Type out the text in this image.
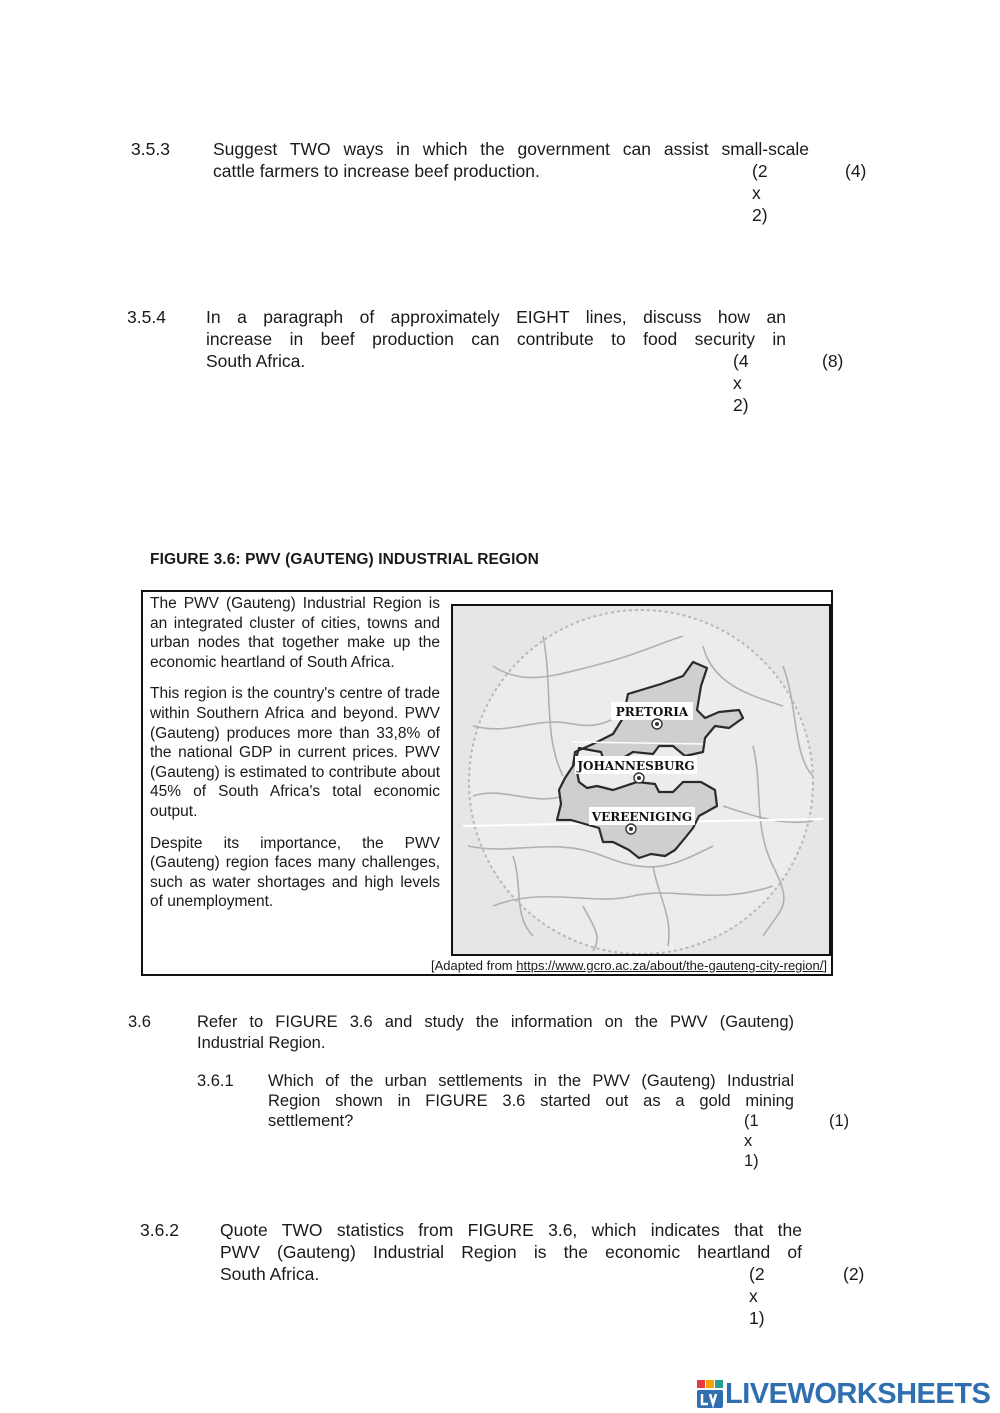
3.5.3 Suggest TWO ways in which the government can assist small-scale
cattle farmers to increase beef production.	(2 x 2)
(4)
3.5.4 In a paragraph of approximately EIGHT lines, discuss how an
increase in beef production can contribute to food security in
South Africa.	(4 x 2)
(8)
FIGURE 3.6: PWV (GAUTENG) INDUSTRIAL REGION

The PWV (Gauteng) Industrial Region is an integrated cluster of cities, towns and urban nodes that together make up the economic heartland of South Africa.

This region is the country's centre of trade within Southern Africa and beyond. PWV (Gauteng) produces more than 33,8% of the national GDP in current prices. PWV (Gauteng) is estimated to contribute about 45% of South Africa's total economic output.

Despite its importance, the PWV (Gauteng) region faces many challenges, such as water shortages and high levels of unemployment.

PRETORIA
JOHANNESBURG
VEREENIGING
[Adapted from https://www.gcro.ac.za/about/the-gauteng-city-region/]
3.6	Refer to FIGURE 3.6 and study the information on the PWV (Gauteng)
Industrial Region.
3.6.1 Which of the urban settlements in the PWV (Gauteng) Industrial
Region shown in FIGURE 3.6 started out as a gold mining
settlement?	(1 x 1)
(1)
3.6.2 Quote TWO statistics from FIGURE 3.6, which indicates that the
PWV (Gauteng) Industrial Region is the economic heartland of
South Africa.	(2 x 1)
(2)
LIVEWORKSHEETS
